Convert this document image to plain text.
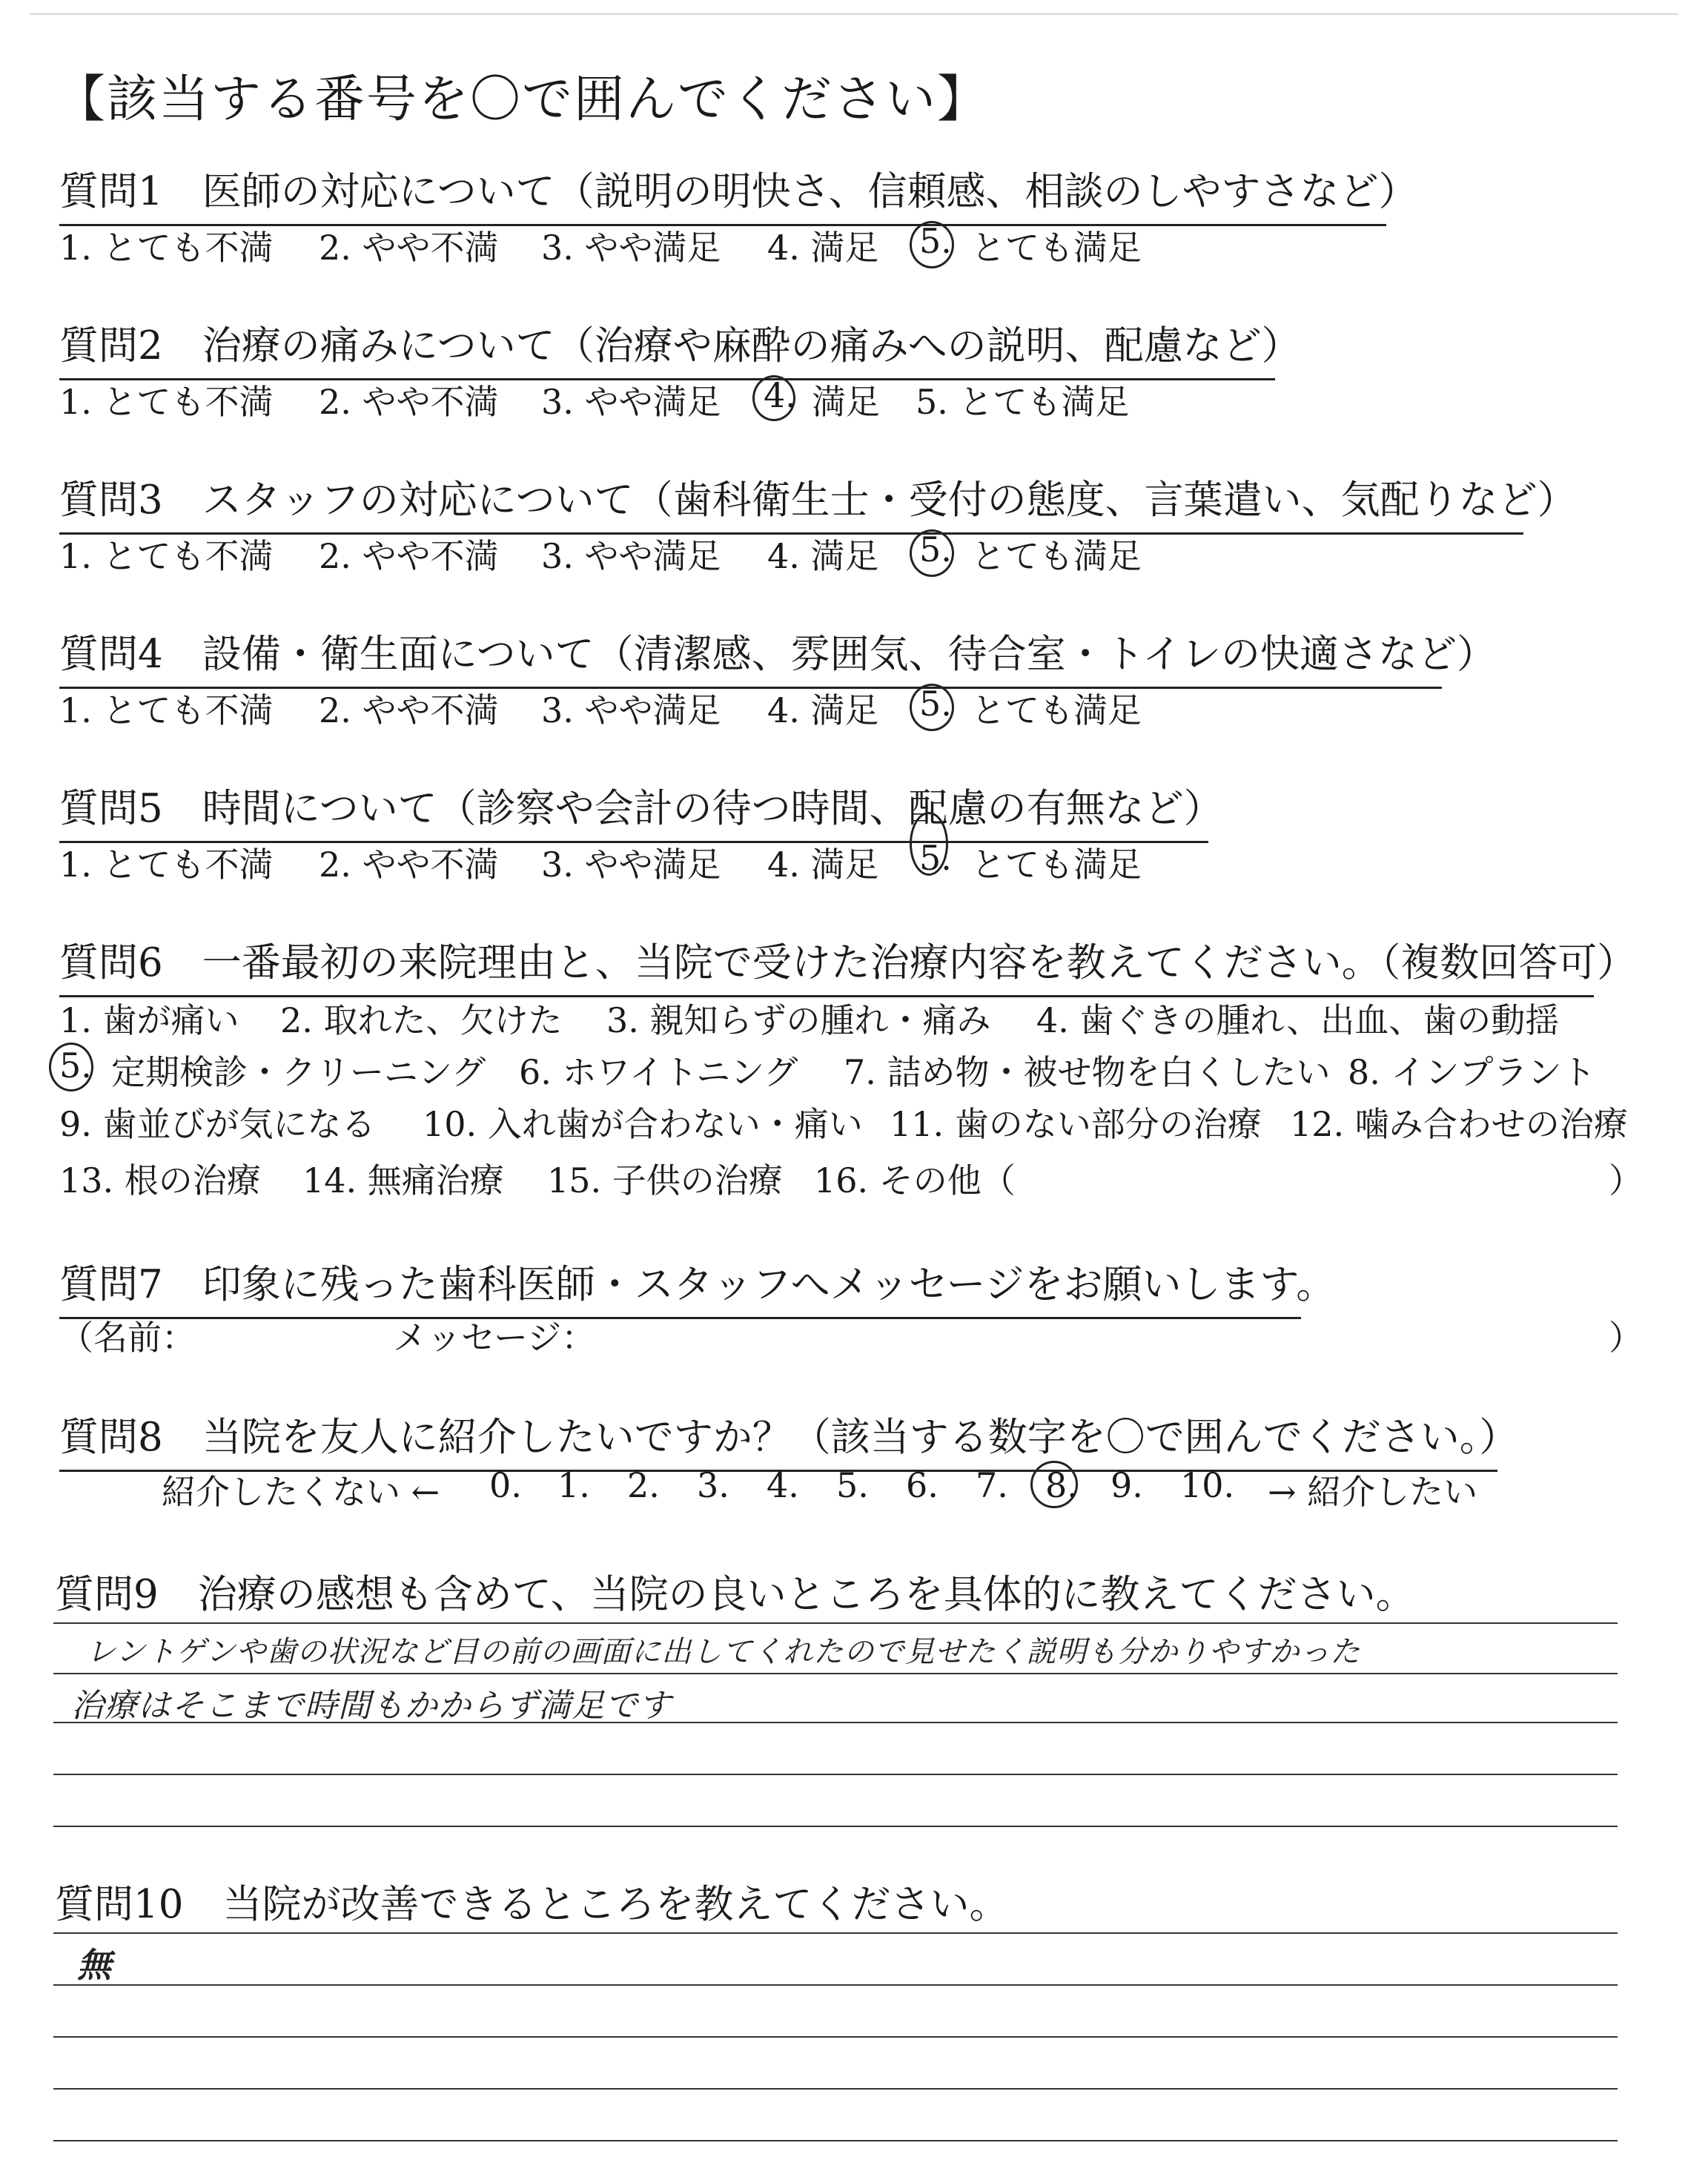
【該当する番号を〇で囲んでください】
質問1　医師の対応について（説明の明快さ、信頼感、相談のしやすさなど）
1. とても不満 2. やや不満 3. やや満足 4. 満足 5. とても満足
質問2　治療の痛みについて（治療や麻酔の痛みへの説明、配慮など）
1. とても不満 2. やや不満 3. やや満足 4. 満足 5. とても満足
質問3　スタッフの対応について（歯科衛生士・受付の態度、言葉遣い、気配りなど）
1. とても不満 2. やや不満 3. やや満足 4. 満足 5. とても満足
質問4　設備・衛生面について（清潔感、雰囲気、待合室・トイレの快適さなど）
1. とても不満 2. やや不満 3. やや満足 4. 満足 5. とても満足
質問5　時間について（診察や会計の待つ時間、配慮の有無など）
1. とても不満 2. やや不満 3. やや満足 4. 満足 5. とても満足
質問6　一番最初の来院理由と、当院で受けた治療内容を教えてください。（複数回答可）
1. 歯が痛い 2. 取れた、欠けた 3. 親知らずの腫れ・痛み 4. 歯ぐきの腫れ、出血、歯の動揺
5. 定期検診・クリーニング 6. ホワイトニング 7. 詰め物・被せ物を白くしたい 8. インプラント
9. 歯並びが気になる 10. 入れ歯が合わない・痛い 11. 歯のない部分の治療 12. 噛み合わせの治療
13. 根の治療 14. 無痛治療 15. 子供の治療 16. その他（	）
質問7　印象に残った歯科医師・スタッフへメッセージをお願いします。
（名前：	メッセージ：	）
質問8　当院を友人に紹介したいですか？（該当する数字を〇で囲んでください。）
紹介したくない ← 0. 1. 2. 3. 4. 5. 6. 7. 8. 9. 10. → 紹介したい
質問9　治療の感想も含めて、当院の良いところを具体的に教えてください。
レントゲンや歯の状況など目の前の画面に出してくれたので見せたく説明も分かりやすかった
治療はそこまで時間もかからず満足です
質問10　当院が改善できるところを教えてください。
無
